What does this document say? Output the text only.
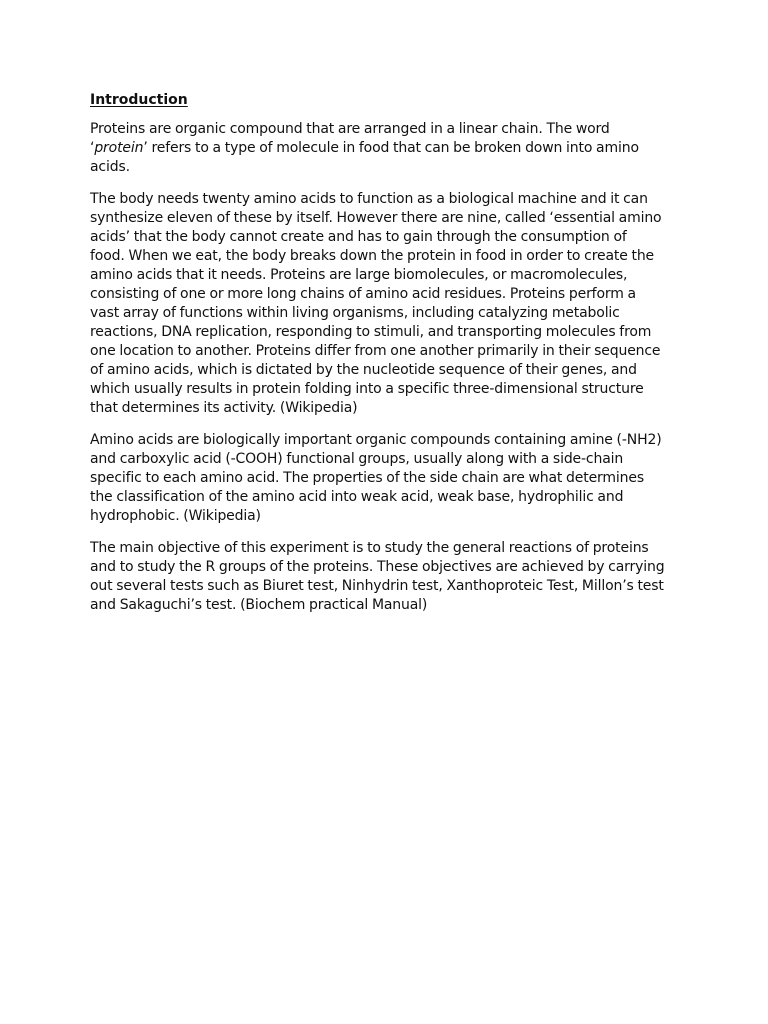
Introduction
Proteins are organic compound that are arranged in a linear chain. The word
‘protein’ refers to a type of molecule in food that can be broken down into amino
acids.
The body needs twenty amino acids to function as a biological machine and it can
synthesize eleven of these by itself. However there are nine, called ‘essential amino
acids’ that the body cannot create and has to gain through the consumption of
food. When we eat, the body breaks down the protein in food in order to create the
amino acids that it needs. Proteins are large biomolecules, or macromolecules,
consisting of one or more long chains of amino acid residues. Proteins perform a
vast array of functions within living organisms, including catalyzing metabolic
reactions, DNA replication, responding to stimuli, and transporting molecules from
one location to another. Proteins differ from one another primarily in their sequence
of amino acids, which is dictated by the nucleotide sequence of their genes, and
which usually results in protein folding into a specific three-dimensional structure
that determines its activity. (Wikipedia)
Amino acids are biologically important organic compounds containing amine (-NH2)
and carboxylic acid (-COOH) functional groups, usually along with a side-chain
specific to each amino acid. The properties of the side chain are what determines
the classification of the amino acid into weak acid, weak base, hydrophilic and
hydrophobic. (Wikipedia)
The main objective of this experiment is to study the general reactions of proteins
and to study the R groups of the proteins. These objectives are achieved by carrying
out several tests such as Biuret test, Ninhydrin test, Xanthoproteic Test, Millon’s test
and Sakaguchi’s test. (Biochem practical Manual)
